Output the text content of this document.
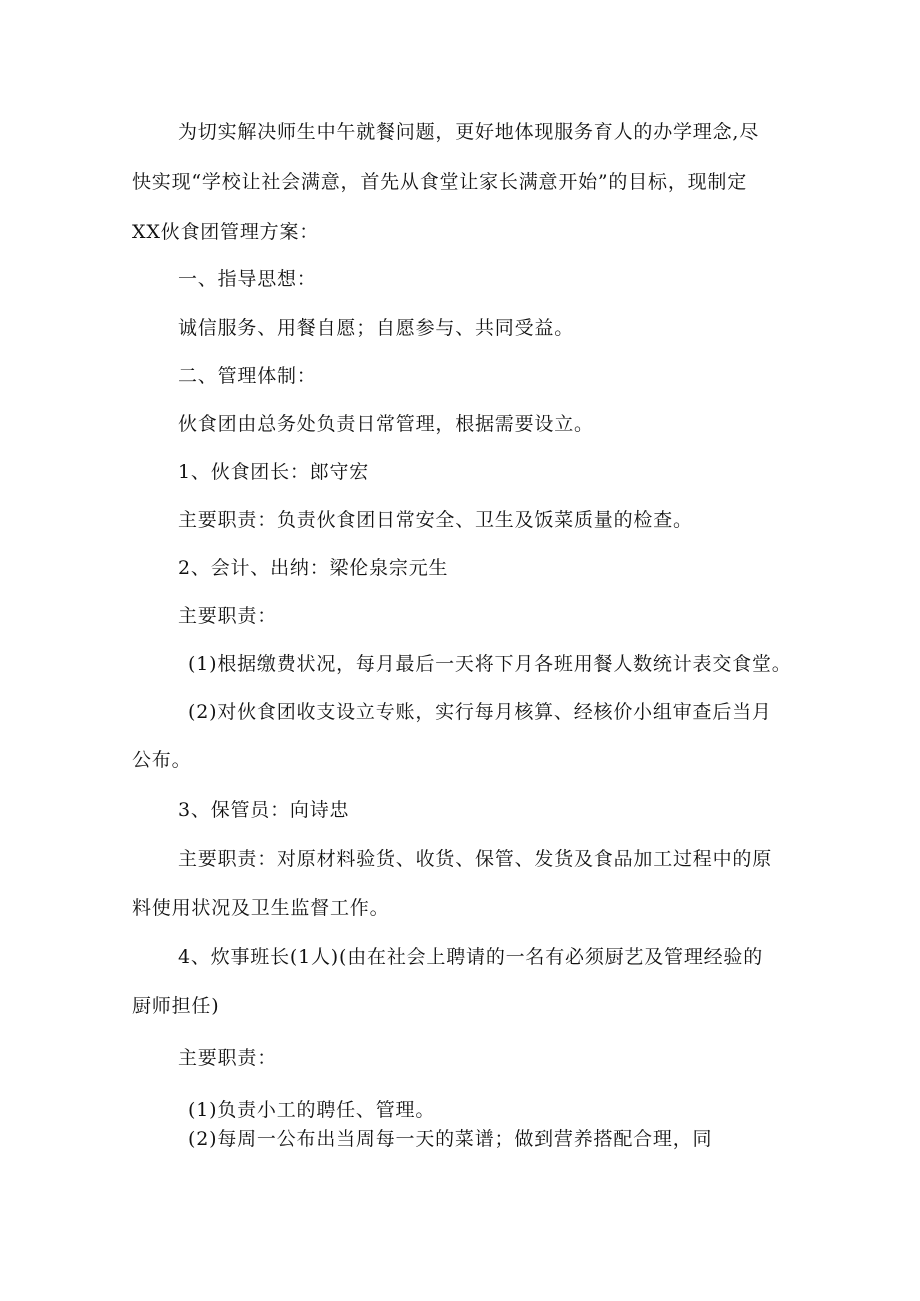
为切实解决师生中午就餐问题，更好地体现服务育人的办学理念,尽
快实现“学校让社会满意，首先从食堂让家长满意开始”的目标，现制定
XX伙食团管理方案：
一、指导思想：
诚信服务、用餐自愿；自愿参与、共同受益。
二、管理体制：
伙食团由总务处负责日常管理，根据需要设立。
1、伙食团长：郎守宏
主要职责：负责伙食团日常安全、卫生及饭菜质量的检查。
2、会计、出纳：梁伦泉宗元生
主要职责：
(1)根据缴费状况，每月最后一天将下月各班用餐人数统计表交食堂。
(2)对伙食团收支设立专账，实行每月核算、经核价小组审查后当月
公布。
3、保管员：向诗忠
主要职责：对原材料验货、收货、保管、发货及食品加工过程中的原
料使用状况及卫生监督工作。
4、炊事班长(1人)(由在社会上聘请的一名有必须厨艺及管理经验的
厨师担任)
主要职责：
(1)负责小工的聘任、管理。
(2)每周一公布出当周每一天的菜谱；做到营养搭配合理，同
